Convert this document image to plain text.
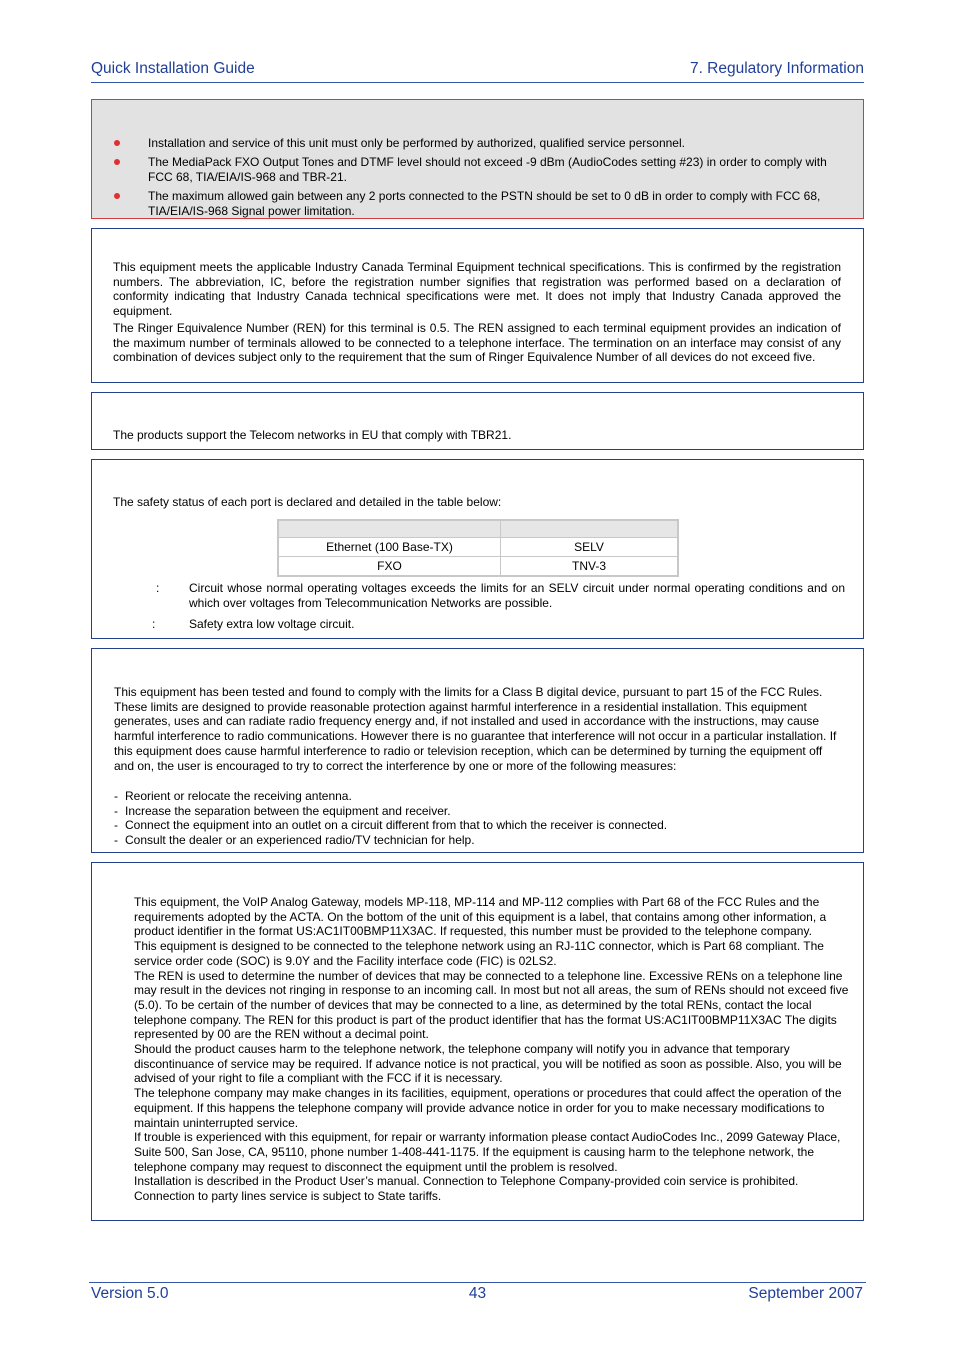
Quick Installation Guide	7. Regulatory Information
Installation and service of this unit must only be performed by authorized, qualified service personnel.
The MediaPack FXO Output Tones and DTMF level should not exceed -9 dBm (AudioCodes setting #23) in order to comply with FCC 68, TIA/EIA/IS-968 and TBR-21.
The maximum allowed gain between any 2 ports connected to the PSTN should be set to 0 dB in order to comply with FCC 68, TIA/EIA/IS-968 Signal power limitation.
This equipment meets the applicable Industry Canada Terminal Equipment technical specifications. This is confirmed by the registration numbers. The abbreviation, IC, before the registration number signifies that registration was performed based on a declaration of conformity indicating that Industry Canada technical specifications were met. It does not imply that Industry Canada approved the equipment.
The Ringer Equivalence Number (REN) for this terminal is 0.5. The REN assigned to each terminal equipment provides an indication of the maximum number of terminals allowed to be connected to a telephone interface. The termination on an interface may consist of any combination of devices subject only to the requirement that the sum of Ringer Equivalence Number of all devices do not exceed five.
The products support the Telecom networks in EU that comply with TBR21.
The safety status of each port is declared and detailed in the table below:

Ethernet (100 Base-TX)	SELV
FXO	TNV-3
: Circuit whose normal operating voltages exceeds the limits for an SELV circuit under normal operating conditions and on which over voltages from Telecommunication Networks are possible.
:	Safety extra low voltage circuit.
This equipment has been tested and found to comply with the limits for a Class B digital device, pursuant to part 15 of the FCC Rules. These limits are designed to provide reasonable protection against harmful interference in a residential installation. This equipment generates, uses and can radiate radio frequency energy and, if not installed and used in accordance with the instructions, may cause harmful interference to radio communications. However there is no guarantee that interference will not occur in a particular installation. If this equipment does cause harmful interference to radio or television reception, which can be determined by turning the equipment off and on, the user is encouraged to try to correct the interference by one or more of the following measures:
- Reorient or relocate the receiving antenna.
- Increase the separation between the equipment and receiver.
- Connect the equipment into an outlet on a circuit different from that to which the receiver is connected.
- Consult the dealer or an experienced radio/TV technician for help.
This equipment, the VoIP Analog Gateway, models MP-118, MP-114 and MP-112 complies with Part 68 of the FCC Rules and the requirements adopted by the ACTA. On the bottom of the unit of this equipment is a label, that contains among other information, a product identifier in the format US:AC1IT00BMP11X3AC. If requested, this number must be provided to the telephone company.
This equipment is designed to be connected to the telephone network using an RJ-11C connector, which is Part 68 compliant. The service order code (SOC) is 9.0Y and the Facility interface code (FIC) is 02LS2.
The REN is used to determine the number of devices that may be connected to a telephone line. Excessive RENs on a telephone line may result in the devices not ringing in response to an incoming call. In most but not all areas, the sum of RENs should not exceed five (5.0). To be certain of the number of devices that may be connected to a line, as determined by the total RENs, contact the local telephone company. The REN for this product is part of the product identifier that has the format US:AC1IT00BMP11X3AC The digits represented by 00 are the REN without a decimal point.
Should the product causes harm to the telephone network, the telephone company will notify you in advance that temporary discontinuance of service may be required. If advance notice is not practical, you will be notified as soon as possible. Also, you will be advised of your right to file a compliant with the FCC if it is necessary.
The telephone company may make changes in its facilities, equipment, operations or procedures that could affect the operation of the equipment. If this happens the telephone company will provide advance notice in order for you to make necessary modifications to maintain uninterrupted service.
If trouble is experienced with this equipment, for repair or warranty information please contact AudioCodes Inc., 2099 Gateway Place, Suite 500, San Jose, CA, 95110, phone number 1-408-441-1175. If the equipment is causing harm to the telephone network, the telephone company may request to disconnect the equipment until the problem is resolved.
Installation is described in the Product User’s manual. Connection to Telephone Company-provided coin service is prohibited. Connection to party lines service is subject to State tariffs.
Version 5.0	43	September 2007
